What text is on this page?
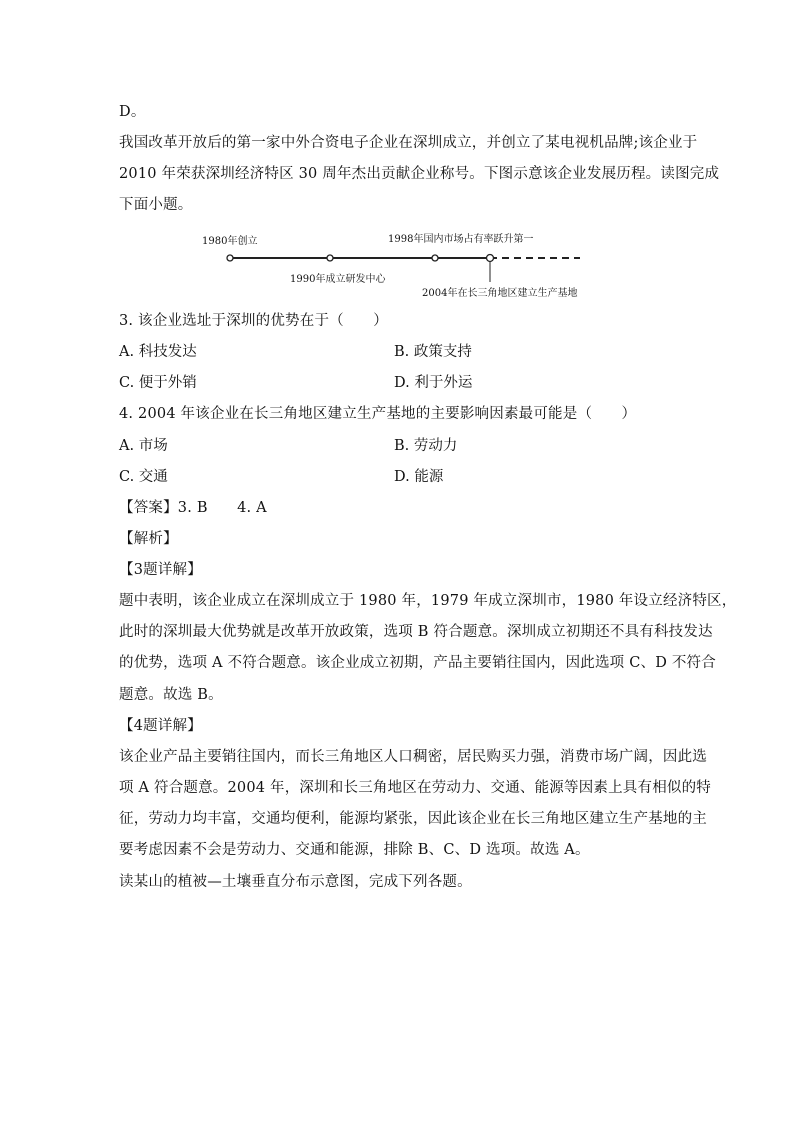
D。
我国改革开放后的第一家中外合资电子企业在深圳成立，并创立了某电视机品牌;该企业于
2010 年荣获深圳经济特区 30 周年杰出贡献企业称号。下图示意该企业发展历程。读图完成
下面小题。
1980年创立
1990年成立研发中心
1998年国内市场占有率跃升第一
2004年在长三角地区建立生产基地
3. 该企业选址于深圳的优势在于（　　）
A. 科技发达	B. 政策支持
C. 便于外销	D. 利于外运
4. 2004 年该企业在长三角地区建立生产基地的主要影响因素最可能是（　　）
A. 市场	B. 劳动力
C. 交通	D. 能源
【答案】3. B　　4. A
【解析】
【3题详解】
题中表明，该企业成立在深圳成立于 1980 年，1979 年成立深圳市，1980 年设立经济特区，
此时的深圳最大优势就是改革开放政策，选项 B 符合题意。深圳成立初期还不具有科技发达
的优势，选项 A 不符合题意。该企业成立初期，产品主要销往国内，因此选项 C、D 不符合
题意。故选 B。
【4题详解】
该企业产品主要销往国内，而长三角地区人口稠密，居民购买力强，消费市场广阔，因此选
项 A 符合题意。2004 年，深圳和长三角地区在劳动力、交通、能源等因素上具有相似的特
征，劳动力均丰富，交通均便利，能源均紧张，因此该企业在长三角地区建立生产基地的主
要考虑因素不会是劳动力、交通和能源，排除 B、C、D 选项。故选 A。
读某山的植被—土壤垂直分布示意图，完成下列各题。
